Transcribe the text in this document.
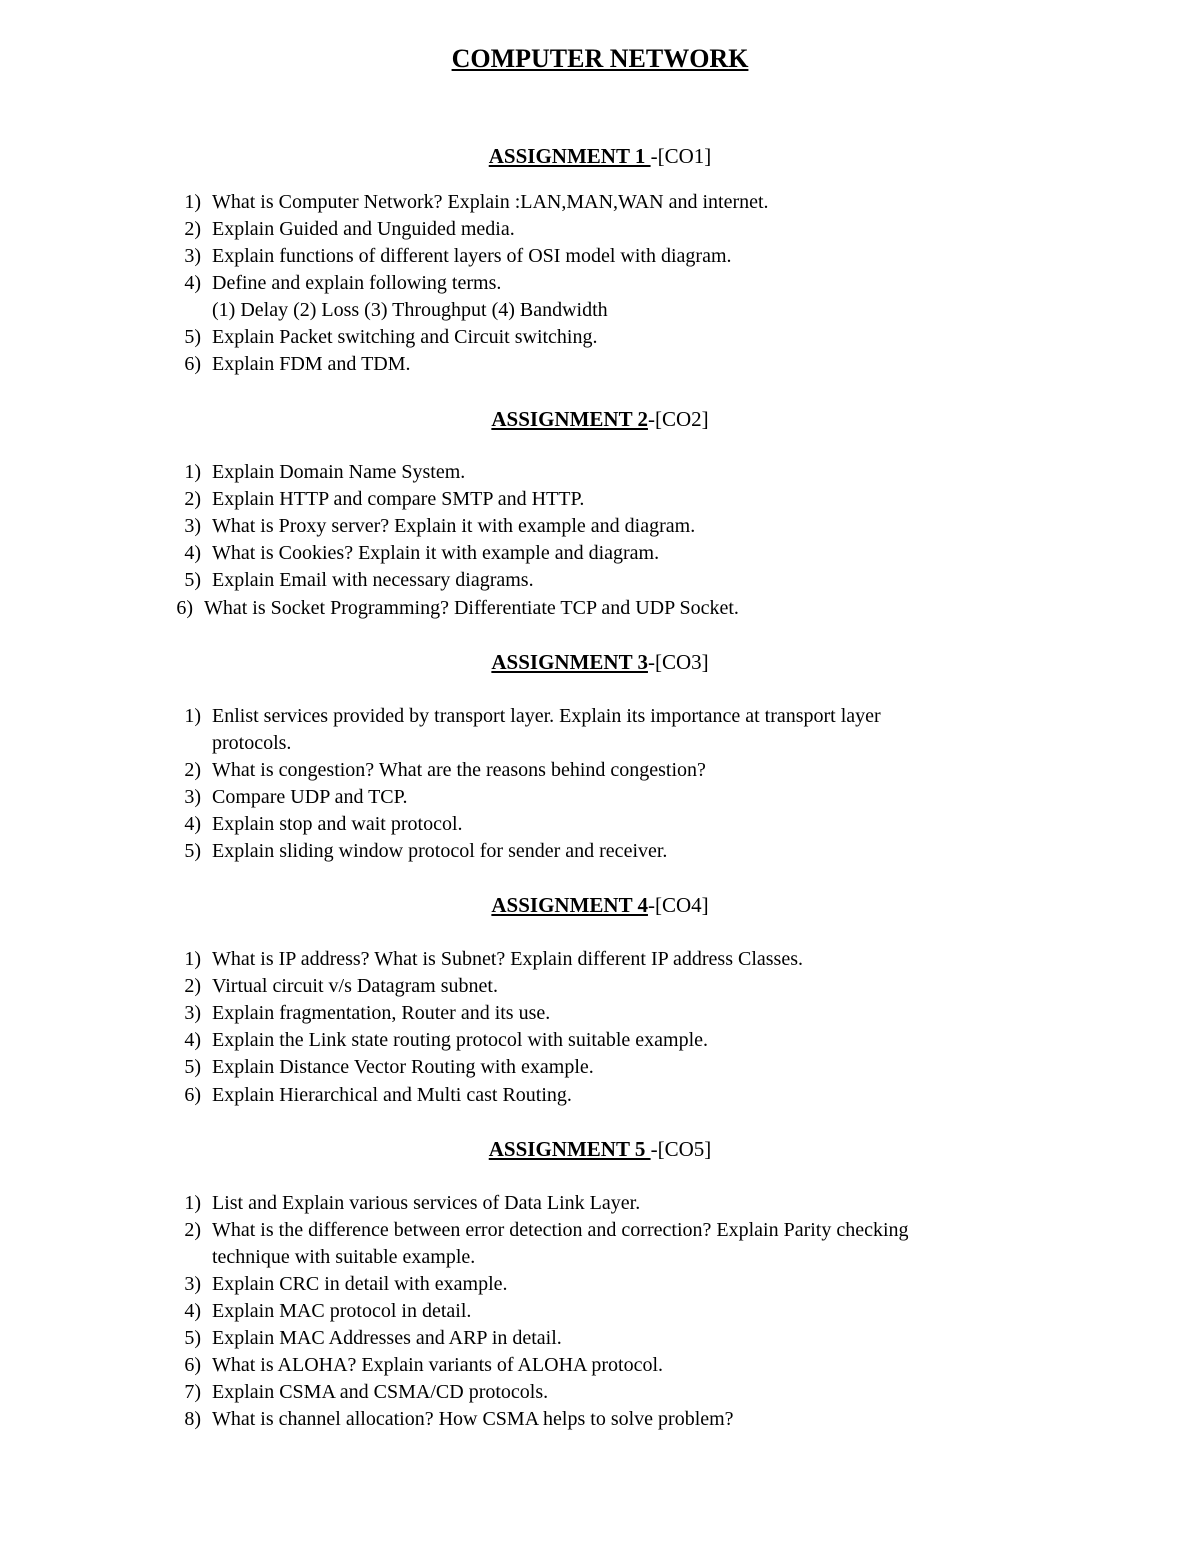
COMPUTER NETWORK
ASSIGNMENT 1 -[CO1]
1) What is Computer Network? Explain :LAN,MAN,WAN and internet.
2) Explain Guided and Unguided media.
3) Explain functions of different layers of OSI model with diagram.
4) Define and explain following terms.
(1) Delay (2) Loss (3) Throughput (4) Bandwidth
5) Explain Packet switching and Circuit switching.
6) Explain FDM and TDM.
ASSIGNMENT 2-[CO2]
1) Explain Domain Name System.
2) Explain HTTP and compare SMTP and HTTP.
3) What is Proxy server? Explain it with example and diagram.
4) What is Cookies? Explain it with example and diagram.
5) Explain Email with necessary diagrams.
6) What is Socket Programming? Differentiate TCP and UDP Socket.
ASSIGNMENT 3-[CO3]
1) Enlist services provided by transport layer. Explain its importance at transport layer
protocols.
2) What is congestion? What are the reasons behind congestion?
3) Compare UDP and TCP.
4) Explain stop and wait protocol.
5) Explain sliding window protocol for sender and receiver.
ASSIGNMENT 4-[CO4]
1) What is IP address? What is Subnet? Explain different IP address Classes.
2) Virtual circuit v/s Datagram subnet.
3) Explain fragmentation, Router and its use.
4) Explain the Link state routing protocol with suitable example.
5) Explain Distance Vector Routing with example.
6) Explain Hierarchical and Multi cast Routing.
ASSIGNMENT 5 -[CO5]
1) List and Explain various services of Data Link Layer.
2) What is the difference between error detection and correction? Explain Parity checking
technique with suitable example.
3) Explain CRC in detail with example.
4) Explain MAC protocol in detail.
5) Explain MAC Addresses and ARP in detail.
6) What is ALOHA? Explain variants of ALOHA protocol.
7) Explain CSMA and CSMA/CD protocols.
8) What is channel allocation? How CSMA helps to solve problem?
